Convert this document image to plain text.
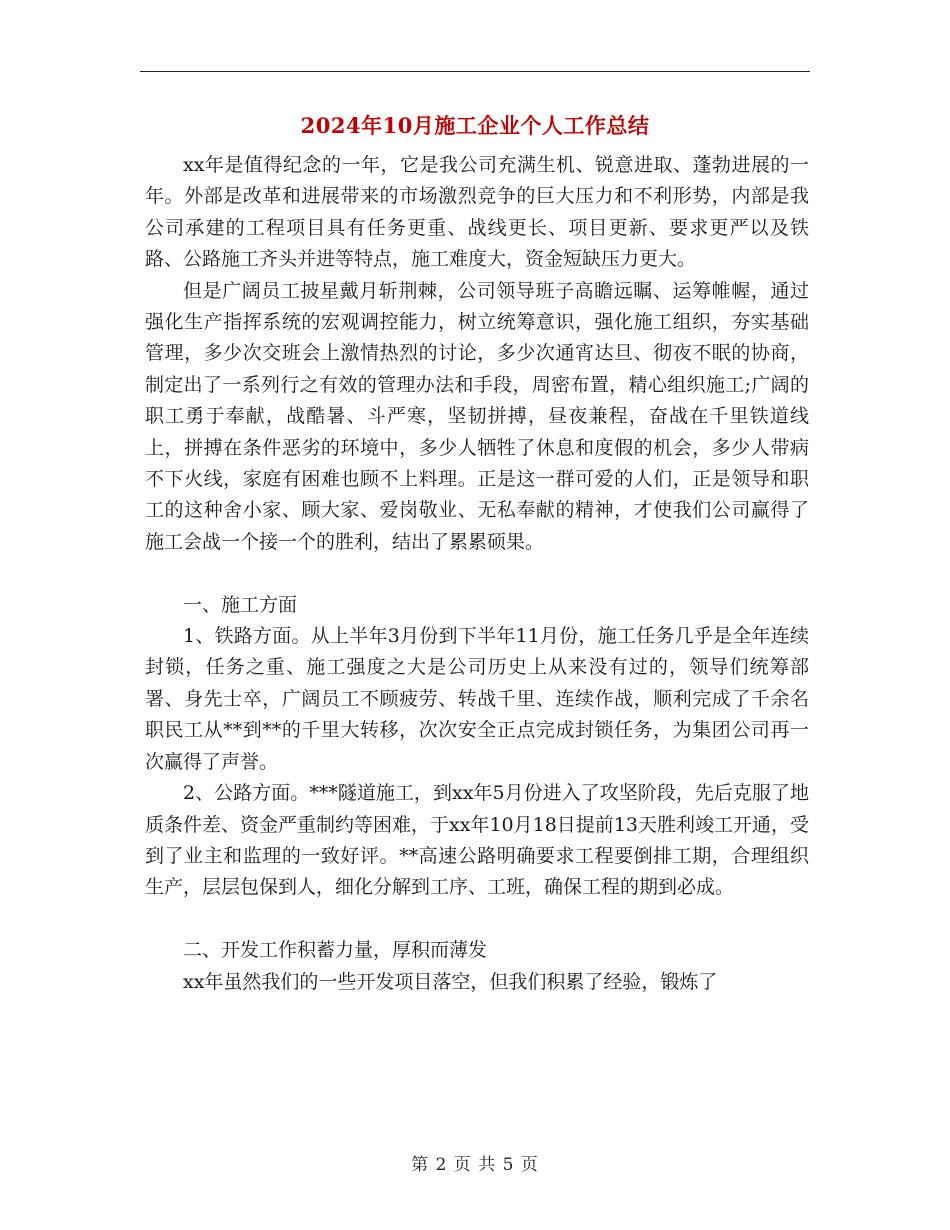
2024年10月施工企业个人工作总结

xx年是值得纪念的一年，它是我公司充满生机、锐意进取、蓬勃进展的一年。外部是改革和进展带来的市场激烈竞争的巨大压力和不利形势，内部是我公司承建的工程项目具有任务更重、战线更长、项目更新、要求更严以及铁路、公路施工齐头并进等特点，施工难度大，资金短缺压力更大。

但是广阔员工披星戴月斩荆棘，公司领导班子高瞻远瞩、运筹帷幄，通过强化生产指挥系统的宏观调控能力，树立统筹意识，强化施工组织，夯实基础管理，多少次交班会上激情热烈的讨论，多少次通宵达旦、彻夜不眠的协商，制定出了一系列行之有效的管理办法和手段，周密布置，精心组织施工;广阔的职工勇于奉献，战酷暑、斗严寒，坚韧拼搏，昼夜兼程，奋战在千里铁道线上，拼搏在条件恶劣的环境中，多少人牺牲了休息和度假的机会，多少人带病不下火线，家庭有困难也顾不上料理。正是这一群可爱的人们，正是领导和职工的这种舍小家、顾大家、爱岗敬业、无私奉献的精神，才使我们公司赢得了施工会战一个接一个的胜利，结出了累累硕果。

一、施工方面

1、铁路方面。从上半年3月份到下半年11月份，施工任务几乎是全年连续封锁，任务之重、施工强度之大是公司历史上从来没有过的，领导们统筹部署、身先士卒，广阔员工不顾疲劳、转战千里、连续作战，顺利完成了千余名职民工从**到**的千里大转移，次次安全正点完成封锁任务，为集团公司再一次赢得了声誉。

2、公路方面。***隧道施工，到xx年5月份进入了攻坚阶段，先后克服了地质条件差、资金严重制约等困难，于xx年10月18日提前13天胜利竣工开通，受到了业主和监理的一致好评。**高速公路明确要求工程要倒排工期，合理组织生产，层层包保到人，细化分解到工序、工班，确保工程的期到必成。

二、开发工作积蓄力量，厚积而薄发

xx年虽然我们的一些开发项目落空，但我们积累了经验，锻炼了

第 2 页 共 5 页
